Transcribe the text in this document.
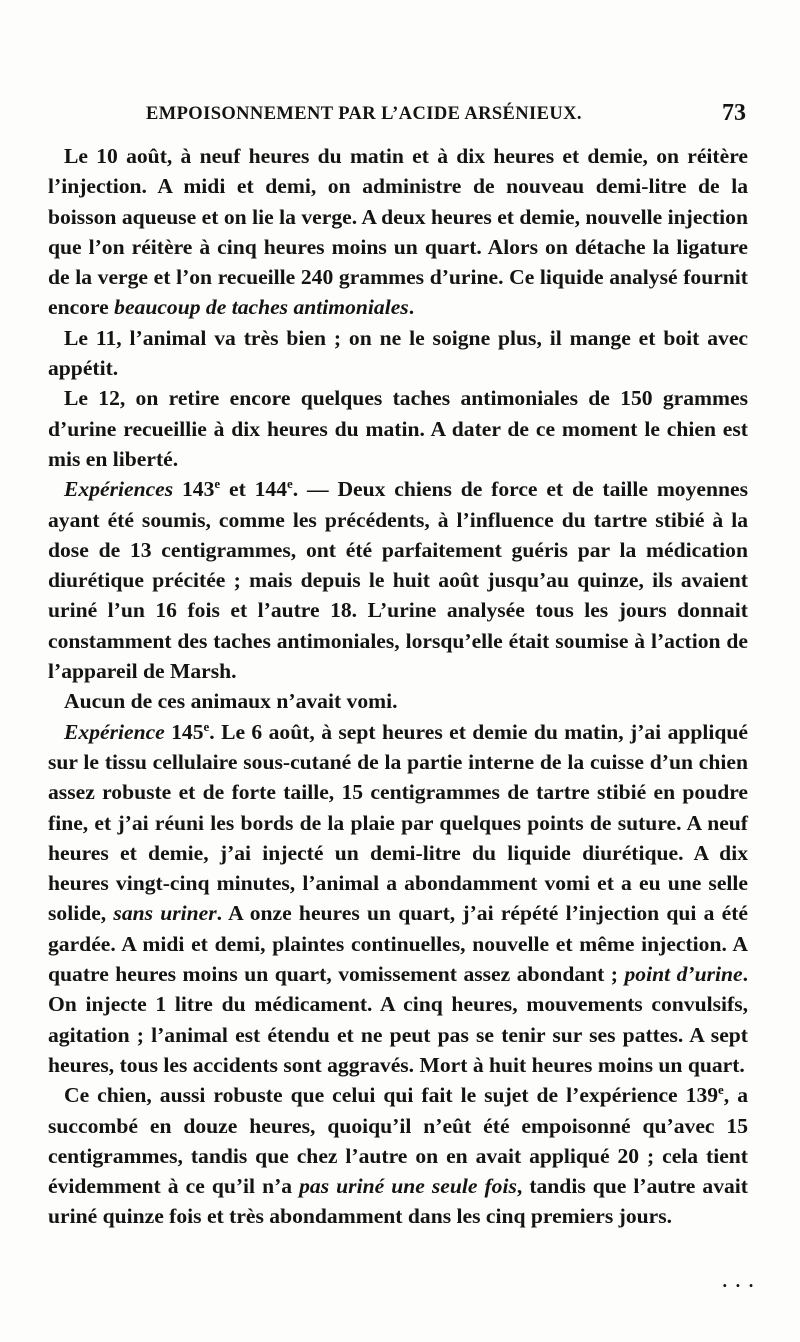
EMPOISONNEMENT PAR L’ACIDE ARSÉNIEUX.	73

Le 10 août, à neuf heures du matin et à dix heures et demie, on réitère l’injection. A midi et demi, on administre de nouveau demi-litre de la boisson aqueuse et on lie la verge. A deux heures et demie, nouvelle injection que l’on réitère à cinq heures moins un quart. Alors on détache la ligature de la verge et l’on recueille 240 grammes d’urine. Ce liquide analysé fournit encore beaucoup de taches antimoniales.

Le 11, l’animal va très bien ; on ne le soigne plus, il mange et boit avec appétit.

Le 12, on retire encore quelques taches antimoniales de 150 grammes d’urine recueillie à dix heures du matin. A dater de ce moment le chien est mis en liberté.

Expériences 143e et 144e. — Deux chiens de force et de taille moyennes ayant été soumis, comme les précédents, à l’influence du tartre stibié à la dose de 13 centigrammes, ont été parfaitement guéris par la médication diurétique précitée ; mais depuis le huit août jusqu’au quinze, ils avaient uriné l’un 16 fois et l’autre 18. L’urine analysée tous les jours donnait constamment des taches antimoniales, lorsqu’elle était soumise à l’action de l’appareil de Marsh.

Aucun de ces animaux n’avait vomi.

Expérience 145e. Le 6 août, à sept heures et demie du matin, j’ai appliqué sur le tissu cellulaire sous-cutané de la partie interne de la cuisse d’un chien assez robuste et de forte taille, 15 centigrammes de tartre stibié en poudre fine, et j’ai réuni les bords de la plaie par quelques points de suture. A neuf heures et demie, j’ai injecté un demi-litre du liquide diurétique. A dix heures vingt-cinq minutes, l’animal a abondamment vomi et a eu une selle solide, sans uriner. A onze heures un quart, j’ai répété l’injection qui a été gardée. A midi et demi, plaintes continuelles, nouvelle et même injection. A quatre heures moins un quart, vomissement assez abondant ; point d’urine. On injecte 1 litre du médicament. A cinq heures, mouvements convulsifs, agitation ; l’animal est étendu et ne peut pas se tenir sur ses pattes. A sept heures, tous les accidents sont aggravés. Mort à huit heures moins un quart.

Ce chien, aussi robuste que celui qui fait le sujet de l’expérience 139e, a succombé en douze heures, quoiqu’il n’eût été empoisonné qu’avec 15 centigrammes, tandis que chez l’autre on en avait appliqué 20 ; cela tient évidemment à ce qu’il n’a pas uriné une seule fois, tandis que l’autre avait uriné quinze fois et très abondamment dans les cinq premiers jours.

· · ·
